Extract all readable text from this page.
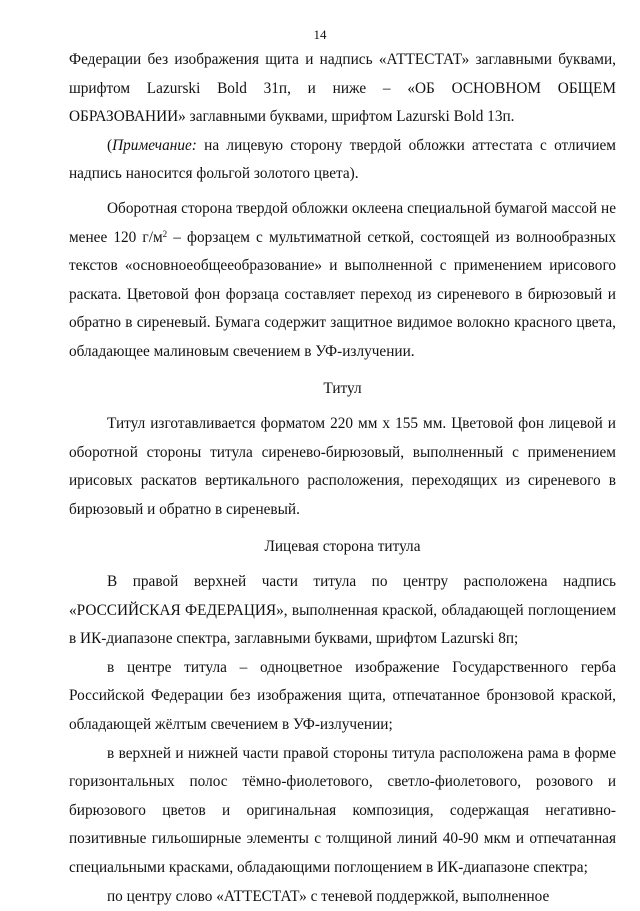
14

Федерации без изображения щита и надпись «АТТЕСТАТ» заглавными буквами, шрифтом Lazurski Bold 31п, и ниже – «ОБ ОСНОВНОМ ОБЩЕМ ОБРАЗОВАНИИ» заглавными буквами, шрифтом Lazurski Bold 13п.

(Примечание: на лицевую сторону твердой обложки аттестата с отличием надпись наносится фольгой золотого цвета).

Оборотная сторона твердой обложки оклеена специальной бумагой массой не менее 120 $г/м^2$ – форзацем с мультиматной сеткой, состоящей из волнообразных текстов «основноеобщееобразование» и выполненной с применением ирисового раската. Цветовой фон форзаца составляет переход из сиреневого в бирюзовый и обратно в сиреневый. Бумага содержит защитное видимое волокно красного цвета, обладающее малиновым свечением в УФ-излучении.

Титул

Титул изготавливается форматом 220 мм х 155 мм. Цветовой фон лицевой и оборотной стороны титула сиренево-бирюзовый, выполненный с применением ирисовых раскатов вертикального расположения, переходящих из сиреневого в бирюзовый и обратно в сиреневый.

Лицевая сторона титула

В правой верхней части титула по центру расположена надпись «РОССИЙСКАЯ ФЕДЕРАЦИЯ», выполненная краской, обладающей поглощением в ИК-диапазоне спектра, заглавными буквами, шрифтом Lazurski 8п;

в центре титула – одноцветное изображение Государственного герба Российской Федерации без изображения щита, отпечатанное бронзовой краской, обладающей жёлтым свечением в УФ-излучении;

в верхней и нижней части правой стороны титула расположена рама в форме горизонтальных полос тёмно-фиолетового, светло-фиолетового, розового и бирюзового цветов и оригинальная композиция, содержащая негативно-позитивные гильоширные элементы с толщиной линий 40-90 мкм и отпечатанная специальными красками, обладающими поглощением в ИК-диапазоне спектра;

по центру слово «АТТЕСТАТ» с теневой поддержкой, выполненное
